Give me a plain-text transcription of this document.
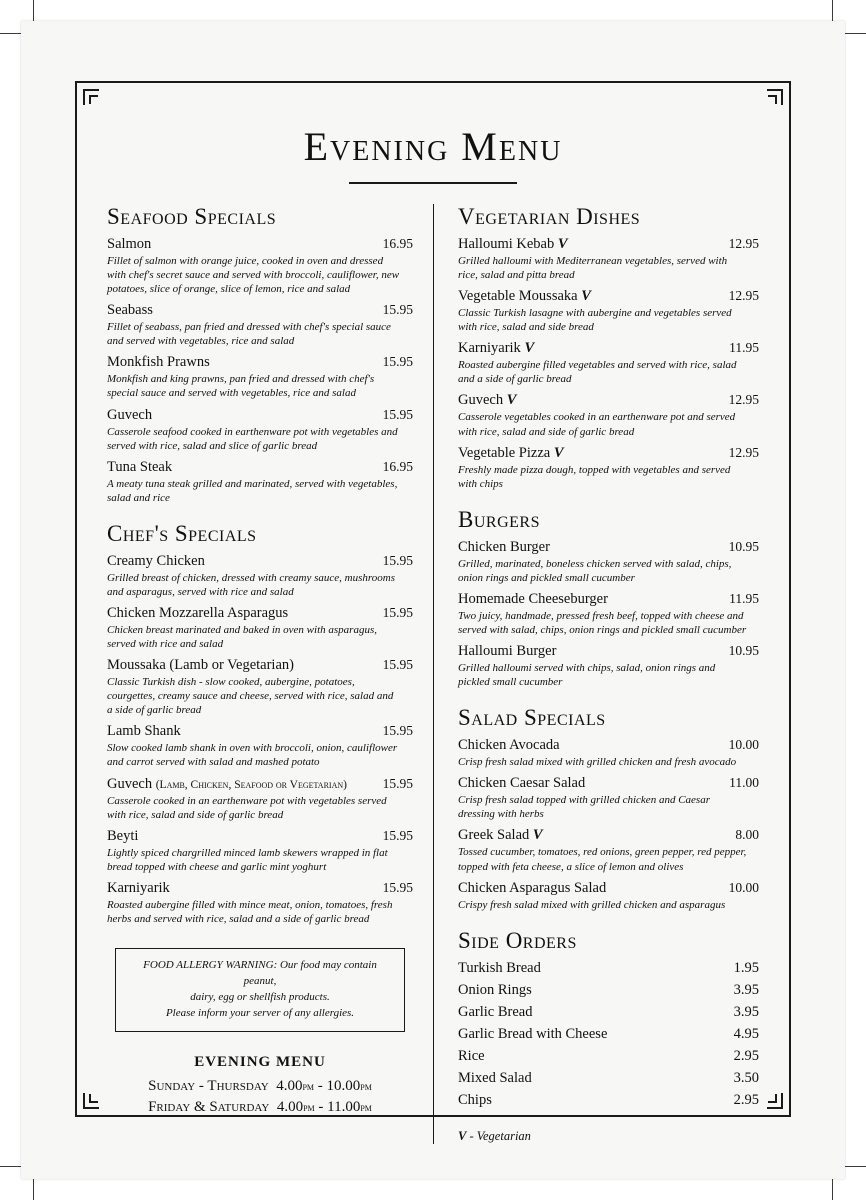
Evening Menu
Seafood Specials
Salmon	16.95
Fillet of salmon with orange juice, cooked in oven and dressed with chef's secret sauce and served with broccoli, cauliflower, new potatoes, slice of orange, slice of lemon, rice and salad
Seabass	15.95
Fillet of seabass, pan fried and dressed with chef's special sauce and served with vegetables, rice and salad
Monkfish Prawns	15.95
Monkfish and king prawns, pan fried and dressed with chef's special sauce and served with vegetables, rice and salad
Guvech	15.95
Casserole seafood cooked in earthenware pot with vegetables and served with rice, salad and slice of garlic bread
Tuna Steak	16.95
A meaty tuna steak grilled and marinated, served with vegetables, salad and rice
Chef's Specials
Creamy Chicken	15.95
Grilled breast of chicken, dressed with creamy sauce, mushrooms and asparagus, served with rice and salad
Chicken Mozzarella Asparagus	15.95
Chicken breast marinated and baked in oven with asparagus, served with rice and salad
Moussaka (Lamb or Vegetarian)	15.95
Classic Turkish dish - slow cooked, aubergine, potatoes, courgettes, creamy sauce and cheese, served with rice, salad and a side of garlic bread
Lamb Shank	15.95
Slow cooked lamb shank in oven with broccoli, onion, cauliflower and carrot served with salad and mashed potato
Guvech (Lamb, Chicken, Seafood or Vegetarian)	15.95
Casserole cooked in an earthenware pot with vegetables served with rice, salad and side of garlic bread
Beyti	15.95
Lightly spiced chargrilled minced lamb skewers wrapped in flat bread topped with cheese and garlic mint yoghurt
Karniyarik	15.95
Roasted aubergine filled with mince meat, onion, tomatoes, fresh herbs and served with rice, salad and a side of garlic bread
FOOD ALLERGY WARNING: Our food may contain peanut,
dairy, egg or shellfish products.
Please inform your server of any allergies.
EVENING MENU
Sunday - Thursday 4.00pm - 10.00pm
Friday & Saturday 4.00pm - 11.00pm
Vegetarian Dishes
Halloumi Kebab V	12.95
Grilled halloumi with Mediterranean vegetables, served with rice, salad and pitta bread
Vegetable Moussaka V	12.95
Classic Turkish lasagne with aubergine and vegetables served with rice, salad and side bread
Karniyarik V	11.95
Roasted aubergine filled vegetables and served with rice, salad and a side of garlic bread
Guvech V	12.95
Casserole vegetables cooked in an earthenware pot and served with rice, salad and side of garlic bread
Vegetable Pizza V	12.95
Freshly made pizza dough, topped with vegetables and served with chips
Burgers
Chicken Burger	10.95
Grilled, marinated, boneless chicken served with salad, chips, onion rings and pickled small cucumber
Homemade Cheeseburger	11.95
Two juicy, handmade, pressed fresh beef, topped with cheese and served with salad, chips, onion rings and pickled small cucumber
Halloumi Burger	10.95
Grilled halloumi served with chips, salad, onion rings and pickled small cucumber
Salad Specials
Chicken Avocada	10.00
Crisp fresh salad mixed with grilled chicken and fresh avocado
Chicken Caesar Salad	11.00
Crisp fresh salad topped with grilled chicken and Caesar dressing with herbs
Greek Salad V	8.00
Tossed cucumber, tomatoes, red onions, green pepper, red pepper, topped with feta cheese, a slice of lemon and olives
Chicken Asparagus Salad	10.00
Crispy fresh salad mixed with grilled chicken and asparagus
Side Orders
Turkish Bread	1.95
Onion Rings	3.95
Garlic Bread	3.95
Garlic Bread with Cheese	4.95
Rice	2.95
Mixed Salad	3.50
Chips	2.95
V - Vegetarian
